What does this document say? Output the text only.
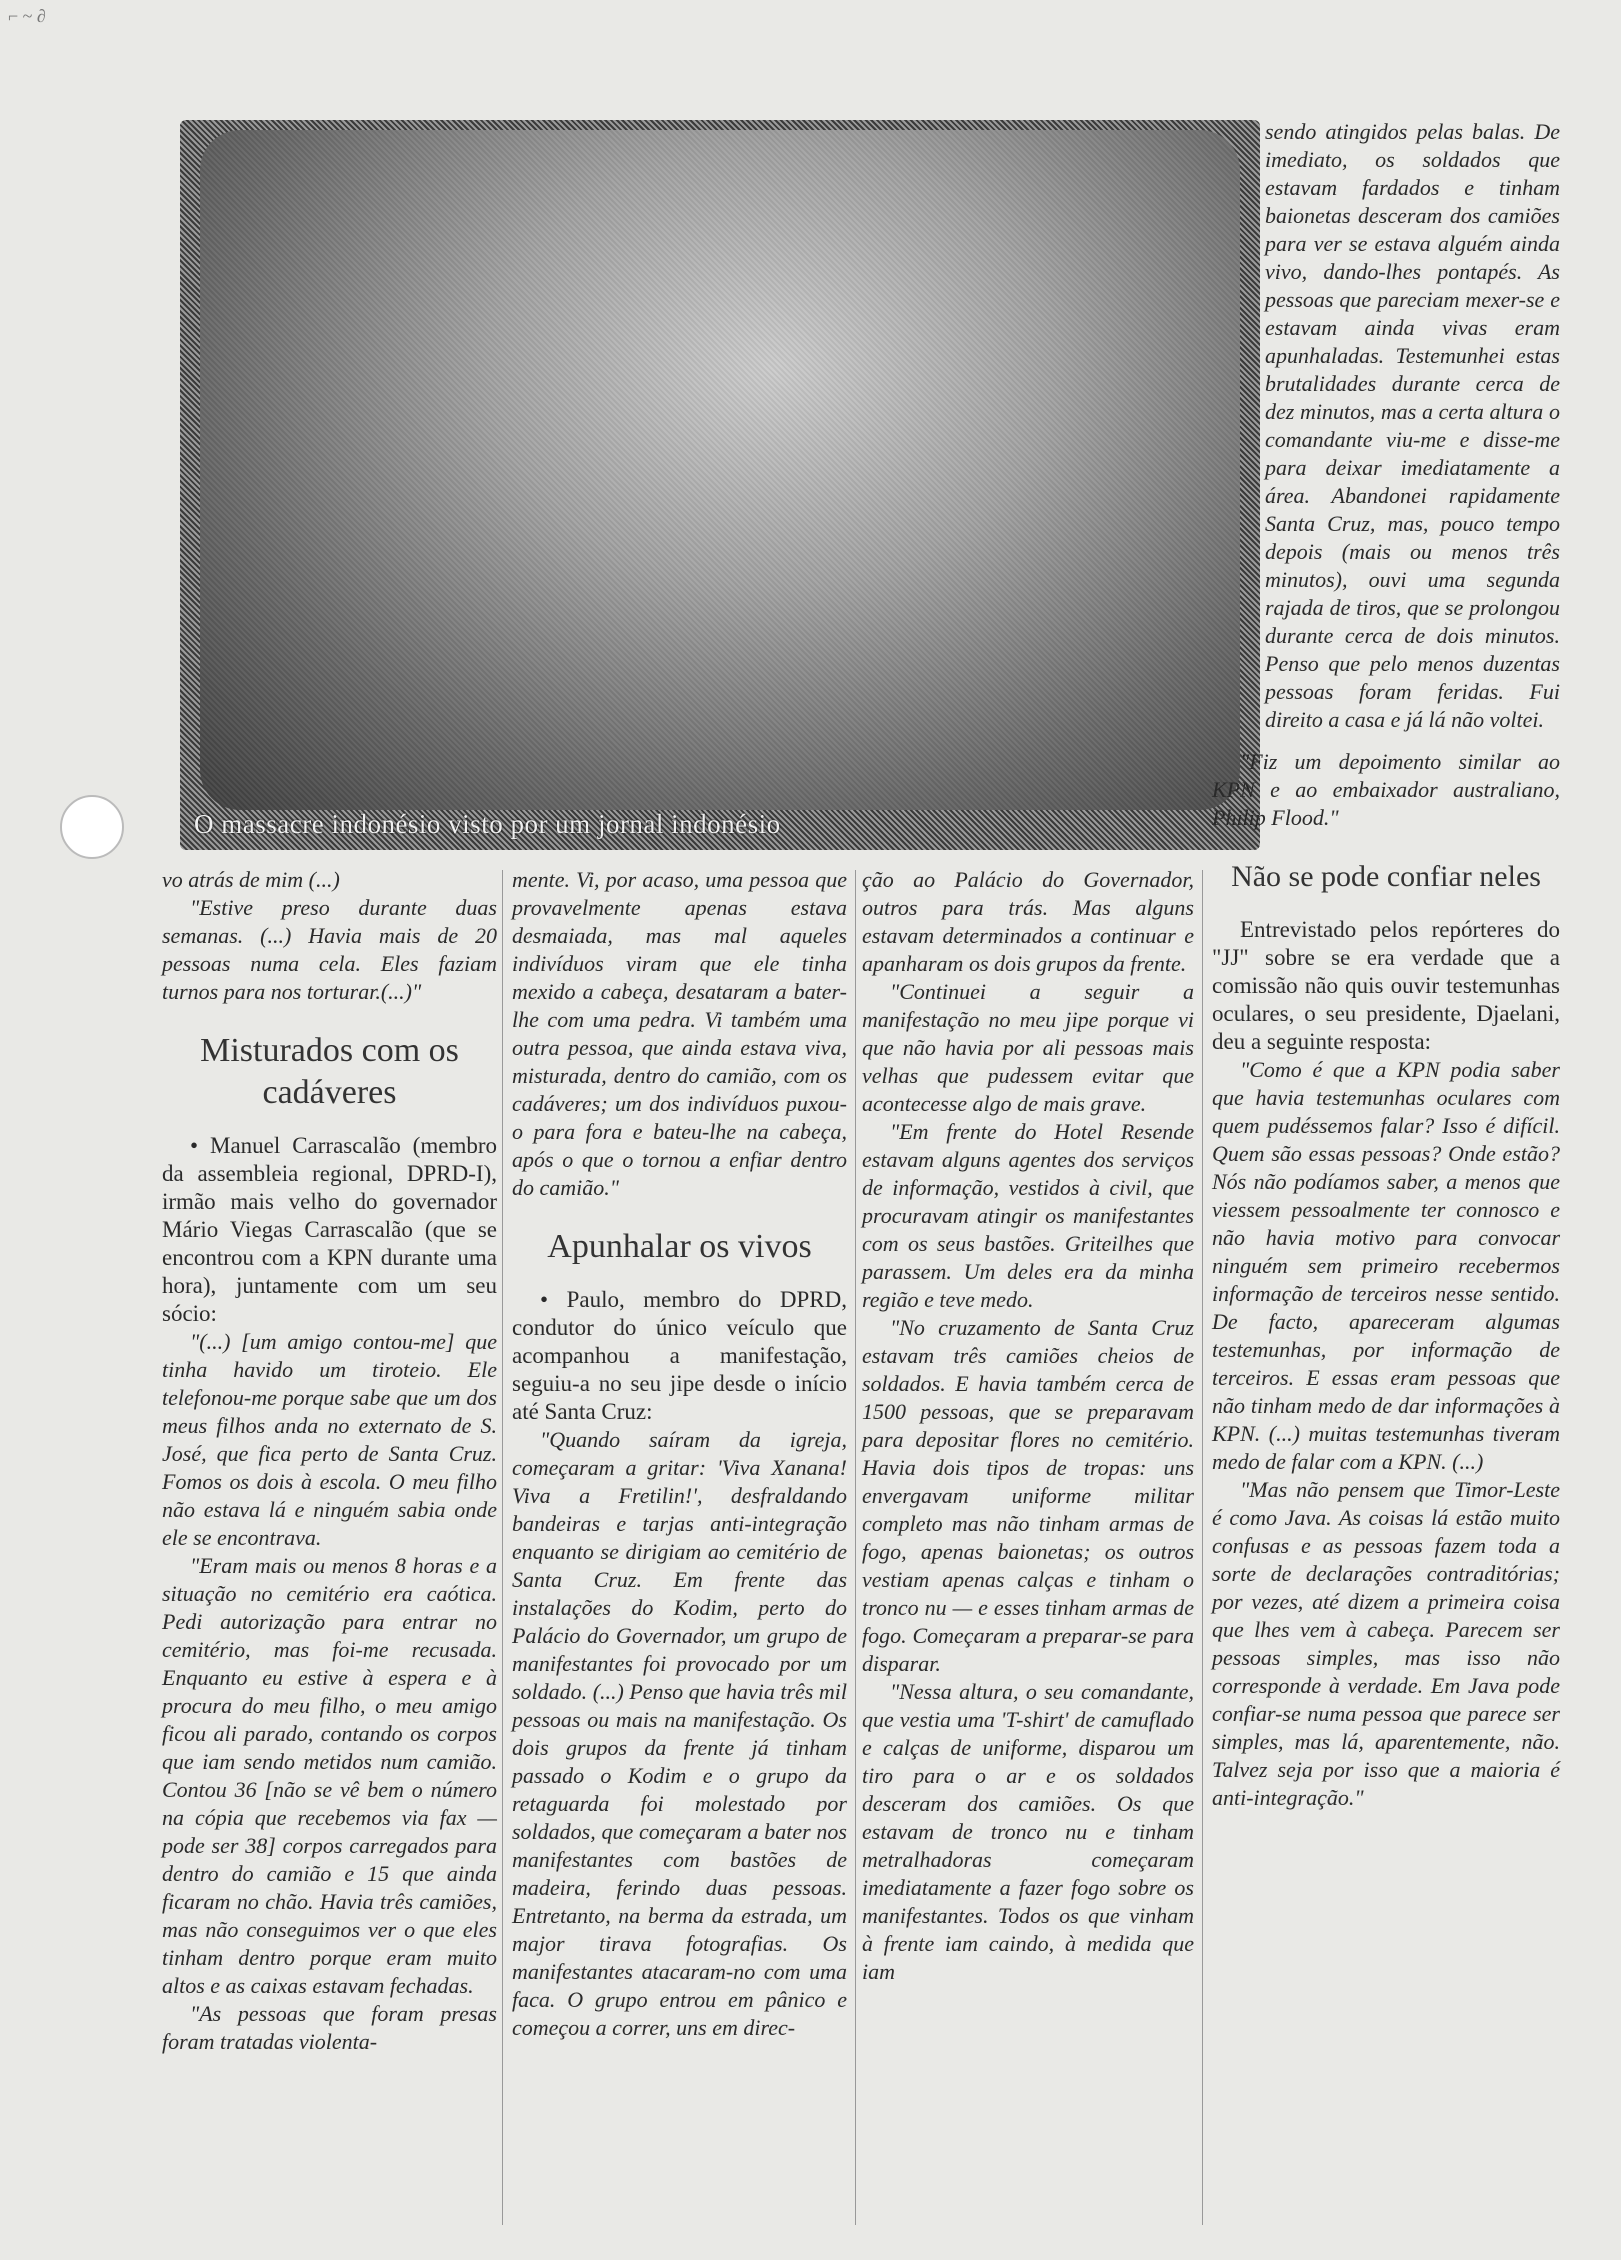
⌐ ~ ∂
O massacre indonésio visto por um jornal indonésio

vo atrás de mim (...)

"Estive preso durante duas semanas. (...) Havia mais de 20 pessoas numa cela. Eles faziam turnos para nos torturar.(...)"

Misturados com os cadáveres

• Manuel Carrascalão (membro da assembleia regional, DPRD-I), irmão mais velho do governador Mário Viegas Carrascalão (que se encontrou com a KPN durante uma hora), juntamente com um seu sócio:

"(...) [um amigo contou-me] que tinha havido um tiroteio. Ele telefonou-me porque sabe que um dos meus filhos anda no externato de S. José, que fica perto de Santa Cruz. Fomos os dois à escola. O meu filho não estava lá e ninguém sabia onde ele se encontrava.

"Eram mais ou menos 8 horas e a situação no cemitério era caótica. Pedi autorização para entrar no cemitério, mas foi-me recusada. Enquanto eu estive à espera e à procura do meu filho, o meu amigo ficou ali parado, contando os corpos que iam sendo metidos num camião. Contou 36 [não se vê bem o número na cópia que recebemos via fax — pode ser 38] corpos carregados para dentro do camião e 15 que ainda ficaram no chão. Havia três camiões, mas não conseguimos ver o que eles tinham dentro porque eram muito altos e as caixas estavam fechadas.

"As pessoas que foram presas foram tratadas violenta-

mente. Vi, por acaso, uma pessoa que provavelmente apenas estava desmaiada, mas mal aqueles indivíduos viram que ele tinha mexido a cabeça, desataram a bater-lhe com uma pedra. Vi também uma outra pessoa, que ainda estava viva, misturada, dentro do camião, com os cadáveres; um dos indivíduos puxou-o para fora e bateu-lhe na cabeça, após o que o tornou a enfiar dentro do camião."

Apunhalar os vivos

• Paulo, membro do DPRD, condutor do único veículo que acompanhou a manifestação, seguiu-a no seu jipe desde o início até Santa Cruz:

"Quando saíram da igreja, começaram a gritar: 'Viva Xanana! Viva a Fretilin!', desfraldando bandeiras e tarjas anti-integração enquanto se dirigiam ao cemitério de Santa Cruz. Em frente das instalações do Kodim, perto do Palácio do Governador, um grupo de manifestantes foi provocado por um soldado. (...) Penso que havia três mil pessoas ou mais na manifestação. Os dois grupos da frente já tinham passado o Kodim e o grupo da retaguarda foi molestado por soldados, que começaram a bater nos manifestantes com bastões de madeira, ferindo duas pessoas. Entretanto, na berma da estrada, um major tirava fotografias. Os manifestantes atacaram-no com uma faca. O grupo entrou em pânico e começou a correr, uns em direc-

ção ao Palácio do Governador, outros para trás. Mas alguns estavam determinados a continuar e apanharam os dois grupos da frente.

"Continuei a seguir a manifestação no meu jipe porque vi que não havia por ali pessoas mais velhas que pudessem evitar que acontecesse algo de mais grave.

"Em frente do Hotel Resende estavam alguns agentes dos serviços de informação, vestidos à civil, que procuravam atingir os manifestantes com os seus bastões. Griteilhes que parassem. Um deles era da minha região e teve medo.

"No cruzamento de Santa Cruz estavam três camiões cheios de soldados. E havia também cerca de 1500 pessoas, que se preparavam para depositar flores no cemitério. Havia dois tipos de tropas: uns envergavam uniforme militar completo mas não tinham armas de fogo, apenas baionetas; os outros vestiam apenas calças e tinham o tronco nu — e esses tinham armas de fogo. Começaram a preparar-se para disparar.

"Nessa altura, o seu comandante, que vestia uma 'T-shirt' de camuflado e calças de uniforme, disparou um tiro para o ar e os soldados desceram dos camiões. Os que estavam de tronco nu e tinham metralhadoras começaram imediatamente a fazer fogo sobre os manifestantes. Todos os que vinham à frente iam caindo, à medida que iam

sendo atingidos pelas balas. De imediato, os soldados que estavam fardados e tinham baionetas desceram dos camiões para ver se estava alguém ainda vivo, dando-lhes pontapés. As pessoas que pareciam mexer-se e estavam ainda vivas eram apunhaladas. Testemunhei estas brutalidades durante cerca de dez minutos, mas a certa altura o comandante viu-me e disse-me para deixar imediatamente a área. Abandonei rapidamente Santa Cruz, mas, pouco tempo depois (mais ou menos três minutos), ouvi uma segunda rajada de tiros, que se prolongou durante cerca de dois minutos. Penso que pelo menos duzentas pessoas foram feridas. Fui direito a casa e já lá não voltei.

"Fiz um depoimento similar ao KPN e ao embaixador australiano, Philip Flood."

Não se pode confiar neles

Entrevistado pelos repórteres do "JJ" sobre se era verdade que a comissão não quis ouvir testemunhas oculares, o seu presidente, Djaelani, deu a seguinte resposta:

"Como é que a KPN podia saber que havia testemunhas oculares com quem pudéssemos falar? Isso é difícil. Quem são essas pessoas? Onde estão? Nós não podíamos saber, a menos que viessem pessoalmente ter connosco e não havia motivo para convocar ninguém sem primeiro recebermos informação de terceiros nesse sentido. De facto, apareceram algumas testemunhas, por informação de terceiros. E essas eram pessoas que não tinham medo de dar informações à KPN. (...) muitas testemunhas tiveram medo de falar com a KPN. (...)

"Mas não pensem que Timor-Leste é como Java. As coisas lá estão muito confusas e as pessoas fazem toda a sorte de declarações contraditórias; por vezes, até dizem a primeira coisa que lhes vem à cabeça. Parecem ser pessoas simples, mas isso não corresponde à verdade. Em Java pode confiar-se numa pessoa que parece ser simples, mas lá, aparentemente, não. Talvez seja por isso que a maioria é anti-integração."
